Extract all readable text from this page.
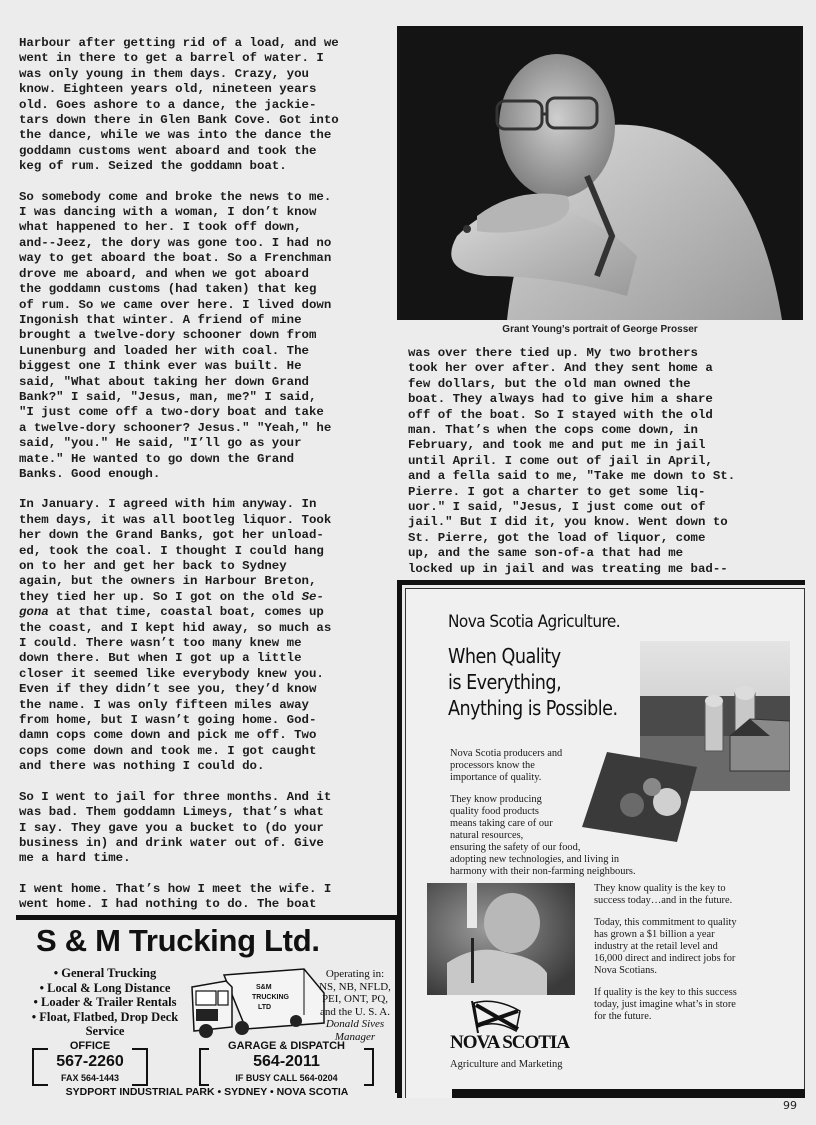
Harbour after getting rid of a load, and we
went in there to get a barrel of water. I
was only young in them days. Crazy, you
know. Eighteen years old, nineteen years
old. Goes ashore to a dance, the jackie-
tars down there in Glen Bank Cove. Got into
the dance, while we was into the dance the
goddamn customs went aboard and took the
keg of rum. Seized the goddamn boat.

So somebody come and broke the news to me.
I was dancing with a woman, I don’t know
what happened to her. I took off down,
and--Jeez, the dory was gone too. I had no
way to get aboard the boat. So a Frenchman
drove me aboard, and when we got aboard
the goddamn customs (had taken) that keg
of rum. So we came over here. I lived down
Ingonish that winter. A friend of mine
brought a twelve-dory schooner down from
Lunenburg and loaded her with coal. The
biggest one I think ever was built. He
said, "What about taking her down Grand
Bank?" I said, "Jesus, man, me?" I said,
"I just come off a two-dory boat and take
a twelve-dory schooner? Jesus." "Yeah," he
said, "you." He said, "I’ll go as your
mate." He wanted to go down the Grand
Banks. Good enough.

In January. I agreed with him anyway. In
them days, it was all bootleg liquor. Took
her down the Grand Banks, got her unload-
ed, took the coal. I thought I could hang
on to her and get her back to Sydney
again, but the owners in Harbour Breton,
they tied her up. So I got on the old Se-
gona at that time, coastal boat, comes up
the coast, and I kept hid away, so much as
I could. There wasn’t too many knew me
down there. But when I got up a little
closer it seemed like everybody knew you.
Even if they didn’t see you, they’d know
the name. I was only fifteen miles away
from home, but I wasn’t going home. God-
damn cops come down and pick me off. Two
cops come down and took me. I got caught
and there was nothing I could do.

So I went to jail for three months. And it
was bad. Them goddamn Limeys, that’s what
I say. They gave you a bucket to (do your
business in) and drink water out of. Give
me a hard time.

I went home. That’s how I meet the wife. I
went home. I had nothing to do. The boat

Grant Young’s portrait of George Prosser

was over there tied up. My two brothers
took her over after. And they sent home a
few dollars, but the old man owned the
boat. They always had to give him a share
off of the boat. So I stayed with the old
man. That’s when the cops come down, in
February, and took me and put me in jail
until April. I come out of jail in April,
and a fella said to me, "Take me down to St.
Pierre. I got a charter to get some liq-
uor." I said, "Jesus, I just come out of
jail." But I did it, you know. Went down to
St. Pierre, got the load of liquor, come
up, and the same son-of-a that had me
locked up in jail and was treating me bad--

S & M Trucking Ltd.
• General Trucking
• Local & Long Distance
• Loader & Trailer Rentals
• Float, Flatbed, Drop Deck
Service
S&M
TRUCKING
LTD
Operating in:
NS, NB, NFLD,
PEI, ONT, PQ,
and the U. S. A.
Donald Sives
Manager
OFFICE
567-2260
FAX 564-1443
GARAGE & DISPATCH
564-2011
IF BUSY CALL 564-0204
SYDPORT INDUSTRIAL PARK • SYDNEY • NOVA SCOTIA
Nova Scotia Agriculture.
When Quality
is Everything,
Anything is Possible.

Nova Scotia producers and
processors know the
importance of quality.

They know producing
quality food products
means taking care of our
natural resources,
ensuring the safety of our food,
adopting new technologies, and living in
harmony with their non-farming neighbours.

They know quality is the key to
success today…and in the future.

Today, this commitment to quality
has grown a $1 billion a year
industry at the retail level and
16,000 direct and indirect jobs for
Nova Scotians.

If quality is the key to this success
today, just imagine what’s in store
for the future.

NOVA SCOTIA
Agriculture and Marketing
99
